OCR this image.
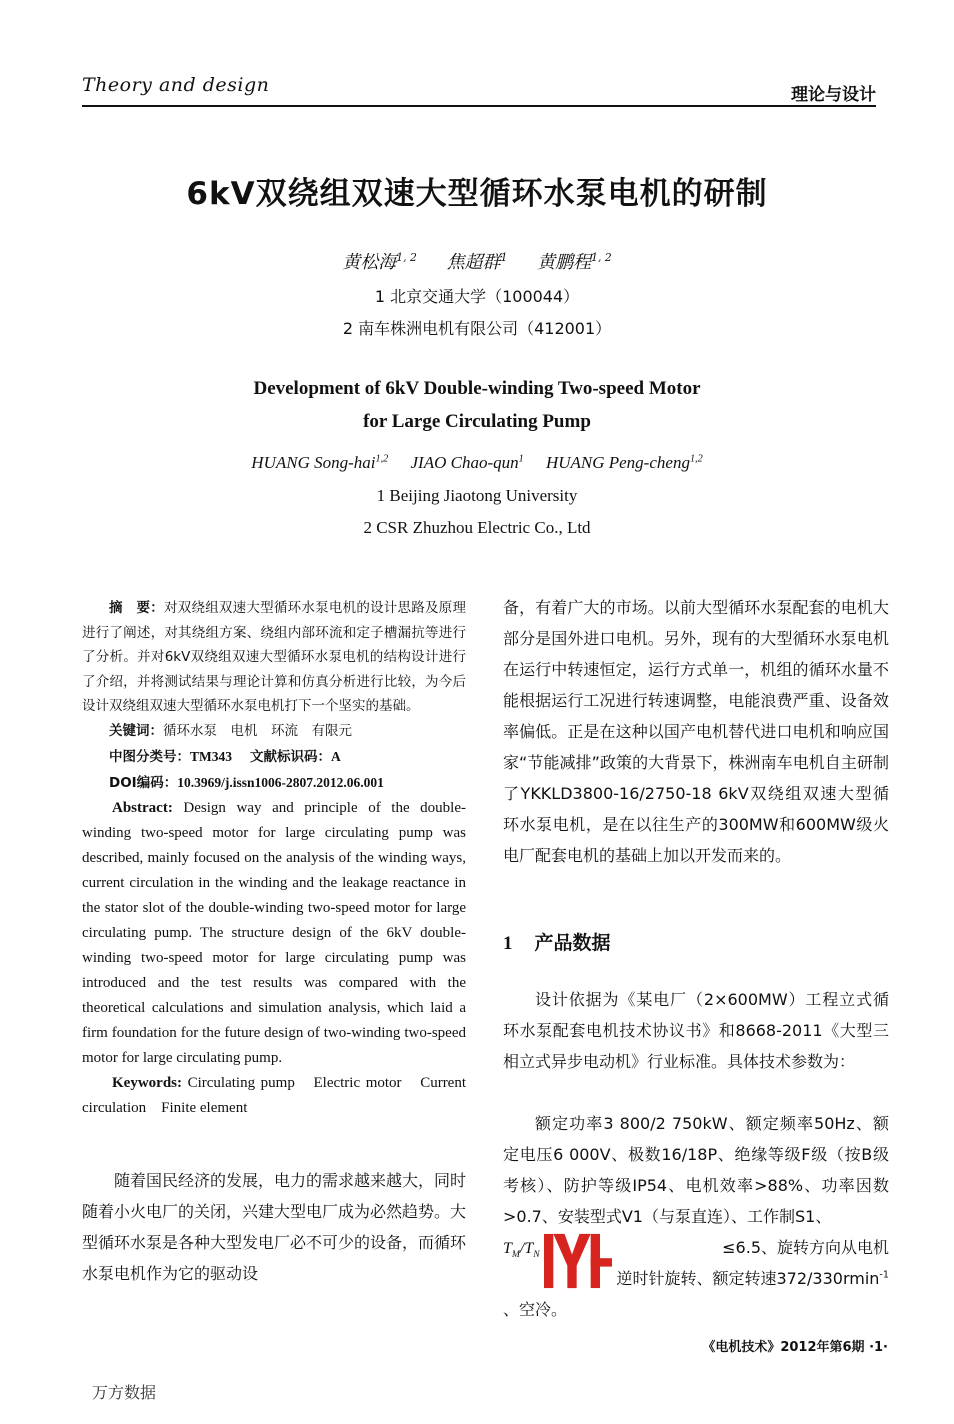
Theory and design	理论与设计
6kV双绕组双速大型循环水泵电机的研制
黄松海$^{1, 2}$ 焦超群$^1$ 黄鹏程$^{1, 2}$
1 北京交通大学（100044）
2 南车株洲电机有限公司（412001）
Development of 6kV Double-winding Two-speed Motor
for Large Circulating Pump
HUANG Song-hai$^{1,2}$ JIAO Chao-qun$^1$ HUANG Peng-cheng$^{1,2}$
1 Beijing Jiaotong University
2 CSR Zhuzhou Electric Co., Ltd
摘　要：对双绕组双速大型循环水泵电机的设计思路及原理进行了阐述，对其绕组方案、绕组内部环流和定子槽漏抗等进行了分析。并对6kV双绕组双速大型循环水泵电机的结构设计进行了介绍，并将测试结果与理论计算和仿真分析进行比较，为今后设计双绕组双速大型循环水泵电机打下一个坚实的基础。
关键词：循环水泵　电机　环流　有限元
中图分类号：TM343 文献标识码：A
DOI编码：10.3969/j.issn1006-2807.2012.06.001
Abstract: Design way and principle of the double-winding two-speed motor for large circulating pump was described, mainly focused on the analysis of the winding ways, current circulation in the winding and the leakage reactance in the stator slot of the double-winding two-speed motor for large circulating pump. The structure design of the 6kV double-winding two-speed motor for large circulating pump was introduced and the test results was compared with the theoretical calculations and simulation analysis, which laid a firm foundation for the future design of two-winding two-speed motor for large circulating pump.
Keywords: Circulating pump　Electric motor　Current circulation　Finite element
随着国民经济的发展，电力的需求越来越大，同时随着小火电厂的关闭，兴建大型电厂成为必然趋势。大型循环水泵是各种大型发电厂必不可少的设备，而循环水泵电机作为它的驱动设
备，有着广大的市场。以前大型循环水泵配套的电机大部分是国外进口电机。另外，现有的大型循环水泵电机在运行中转速恒定，运行方式单一，机组的循环水量不能根据运行工况进行转速调整，电能浪费严重、设备效率偏低。正是在这种以国产电机替代进口电机和响应国家“节能减排”政策的大背景下，株洲南车电机自主研制了YKKLD3800-16/2750-18 6kV双绕组双速大型循环水泵电机，是在以往生产的300MW和600MW级火电厂配套电机的基础上加以开发而来的。
1 产品数据
设计依据为《某电厂（2×600MW）工程立式循环水泵配套电机技术协议书》和8668-2011《大型三相立式异步电动机》行业标准。具体技术参数为：
额定功率3 800/2 750kW、额定频率50Hz、额定电压6 000V、极数16/18P、绝缘等级F级（按B级考核）、防护等级IP54、电机效率>88%、功率因数>0.7、安装型式V1（与泵直连）、工作制S1、
$T_M/T_N$	≤6.5、旋转方向从电机
逆时针旋转、额定转速372/330rmin$^{-1}$
、空冷。
《电机技术》2012年第6期 ·1·
万方数据
